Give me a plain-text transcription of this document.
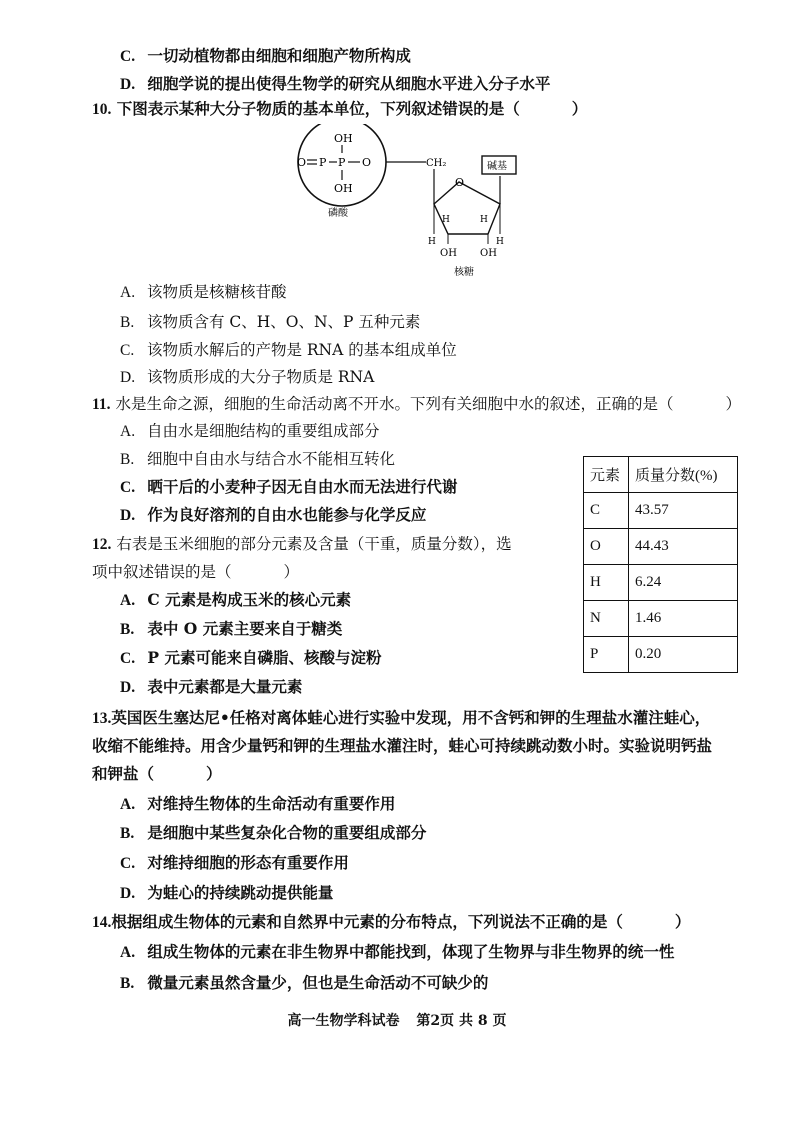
C. 一切动植物都由细胞和细胞产物所构成
D. 细胞学说的提出使得生物学的研究从细胞水平进入分子水平
10. 下图表示某种大分子物质的基本单位，下列叙述错误的是（	）
OH
O P P O
OH
磷酸
CH₂
O
H	H
H	H
OH OH
核糖
碱基
A. 该物质是核糖核苷酸
B. 该物质含有 C、H、O、N、P 五种元素
C. 该物质水解后的产物是 RNA 的基本组成单位
D. 该物质形成的大分子物质是 RNA
11. 水是生命之源，细胞的生命活动离不开水。下列有关细胞中水的叙述，正确的是（	）
A. 自由水是细胞结构的重要组成部分
B. 细胞中自由水与结合水不能相互转化
C. 晒干后的小麦种子因无自由水而无法进行代谢
D. 作为良好溶剂的自由水也能参与化学反应
元素	质量分数(%)
C	43.57
O	44.43
H	6.24
N	1.46
P	0.20
12. 右表是玉米细胞的部分元素及含量（干重，质量分数），选
项中叙述错误的是（	）
A. C 元素是构成玉米的核心元素
B. 表中 O 元素主要来自于糖类
C. P 元素可能来自磷脂、核酸与淀粉
D. 表中元素都是大量元素
13.英国医生塞达尼•任格对离体蛙心进行实验中发现，用不含钙和钾的生理盐水灌注蛙心，
收缩不能维持。用含少量钙和钾的生理盐水灌注时，蛙心可持续跳动数小时。实验说明钙盐
和钾盐（	）
A. 对维持生物体的生命活动有重要作用
B. 是细胞中某些复杂化合物的重要组成部分
C. 对维持细胞的形态有重要作用
D. 为蛙心的持续跳动提供能量
14.根据组成生物体的元素和自然界中元素的分布特点，下列说法不正确的是（	）
A. 组成生物体的元素在非生物界中都能找到，体现了生物界与非生物界的统一性
B. 微量元素虽然含量少，但也是生命活动不可缺少的
高一生物学科试卷 第2页 共 8 页
